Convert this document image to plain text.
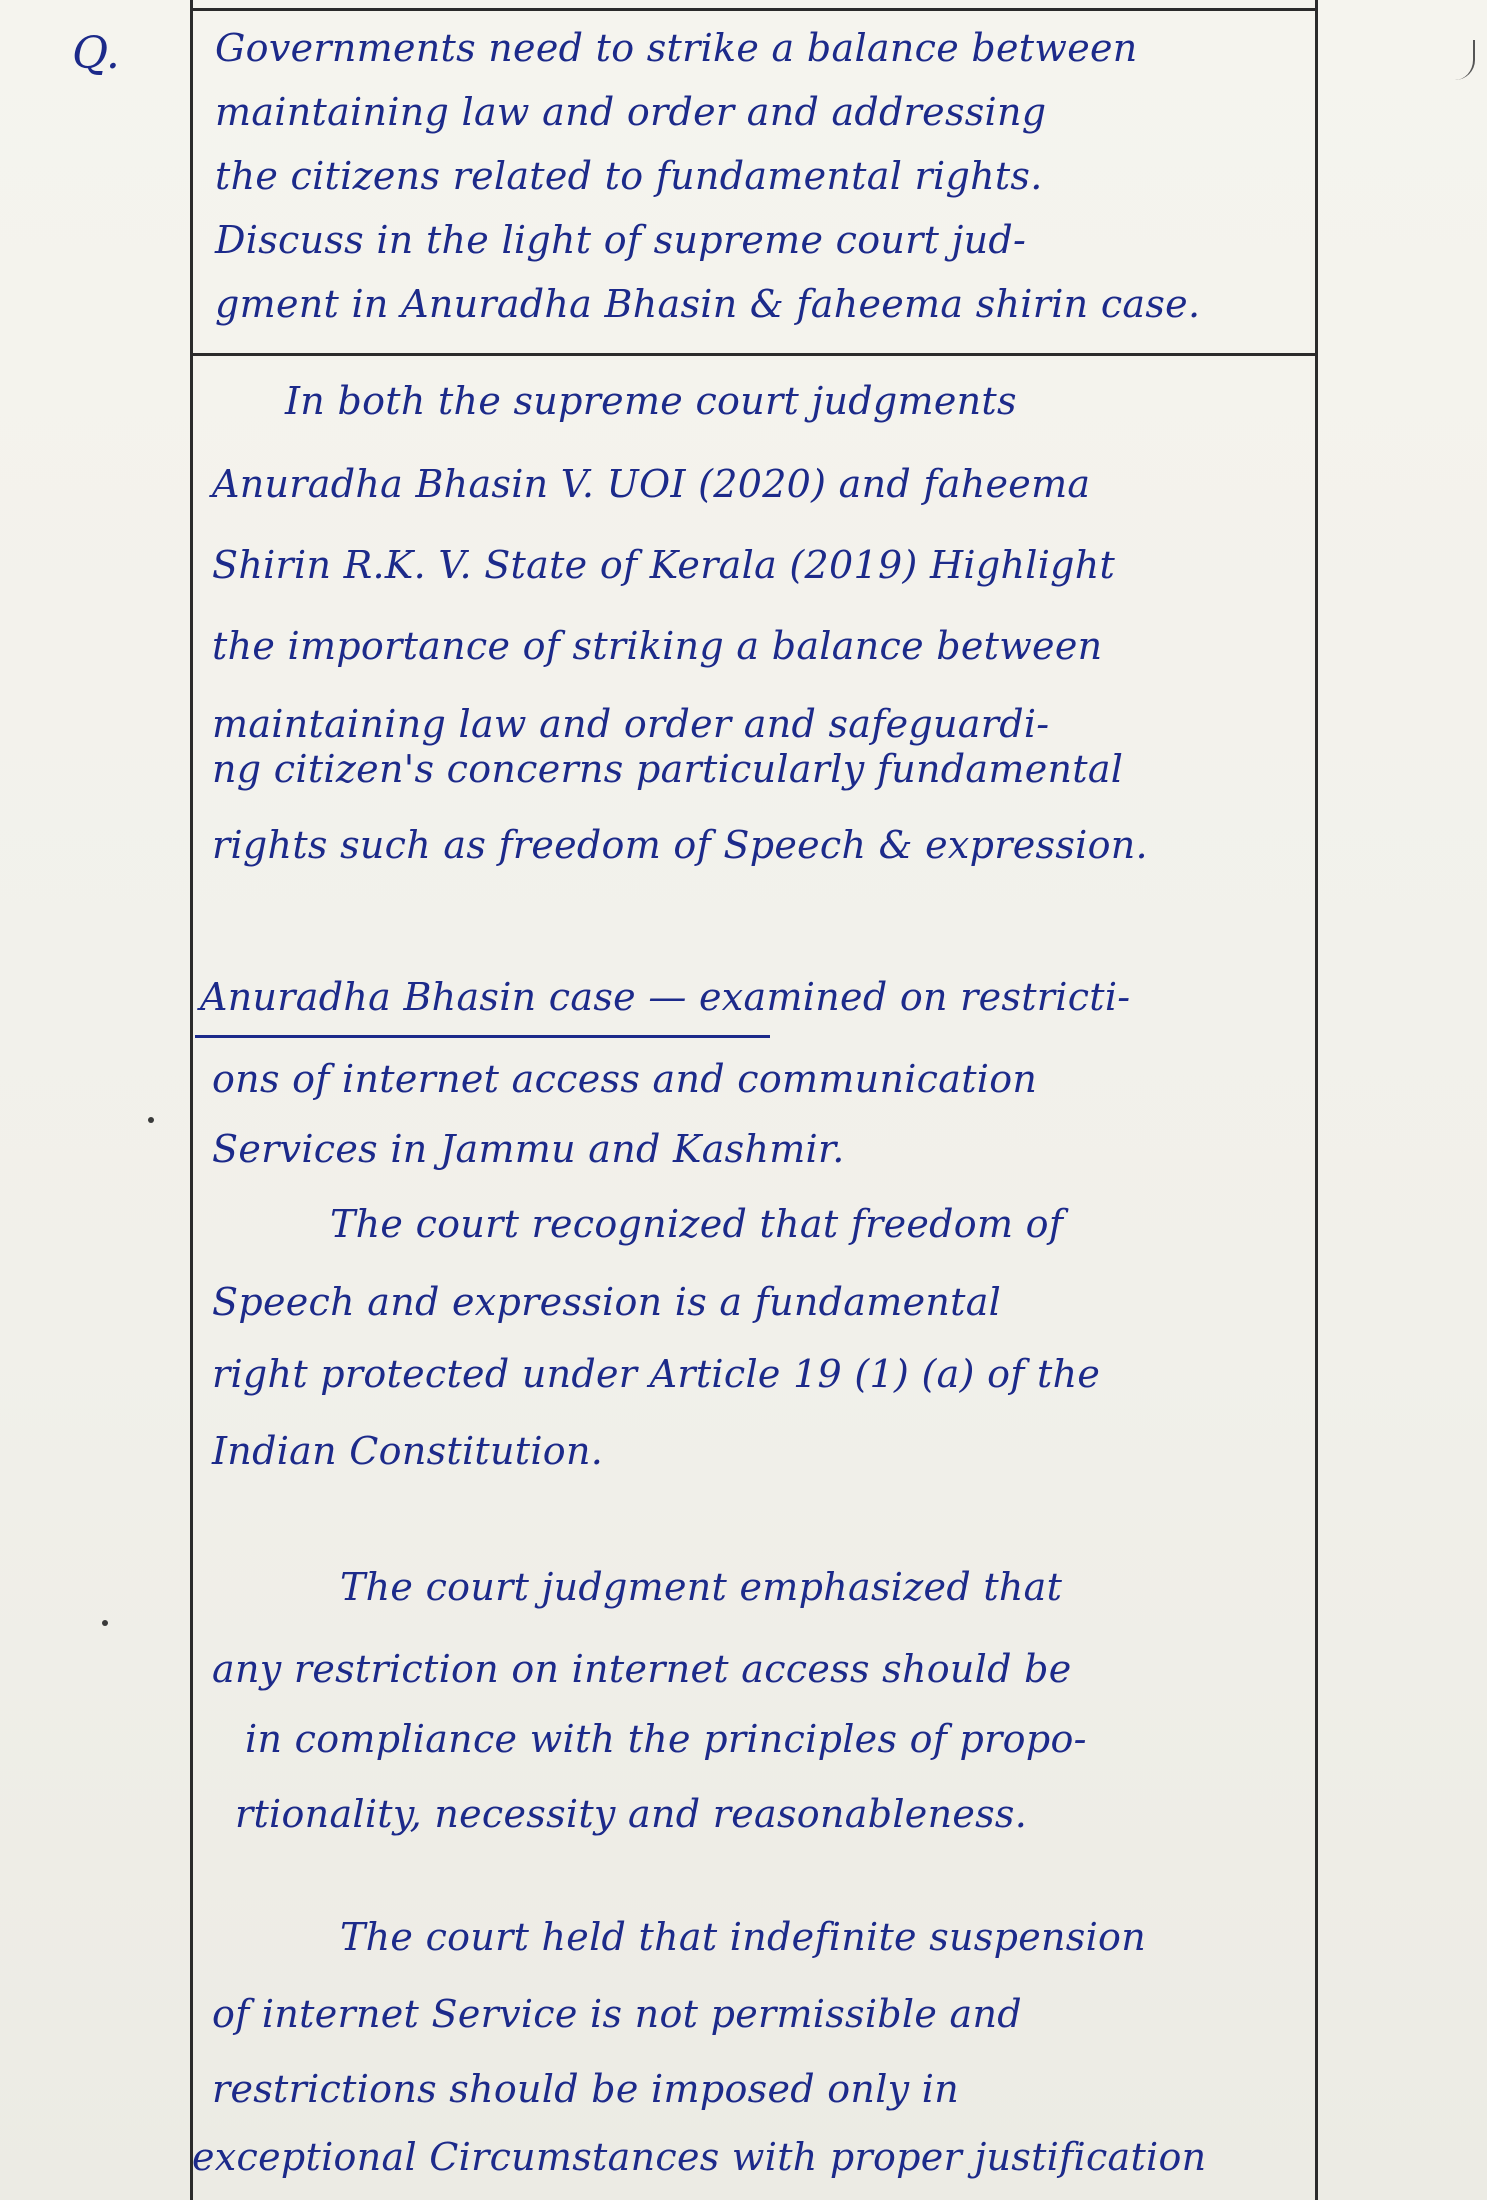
Q.	Governments need to strike a balance between
maintaining law and order and addressing
the citizens related to fundamental rights.
Discuss in the light of supreme court jud-
gment in Anuradha Bhasin & faheema shirin case.
In both the supreme court judgments
Anuradha Bhasin V. UOI (2020) and faheema
Shirin R.K. V. State of Kerala (2019) Highlight
the importance of striking a balance between
maintaining law and order and safeguardi-
ng citizen's concerns particularly fundamental
rights such as freedom of Speech & expression.
Anuradha Bhasin case — examined on restricti-
ons of internet access and communication
Services in Jammu and Kashmir.
The court recognized that freedom of
Speech and expression is a fundamental
right protected under Article 19 (1) (a) of the
Indian Constitution.
The court judgment emphasized that
any restriction on internet access should be
in compliance with the principles of propo-
rtionality, necessity and reasonableness.
The court held that indefinite suspension
of internet Service is not permissible and
restrictions should be imposed only in
exceptional Circumstances with proper justification
